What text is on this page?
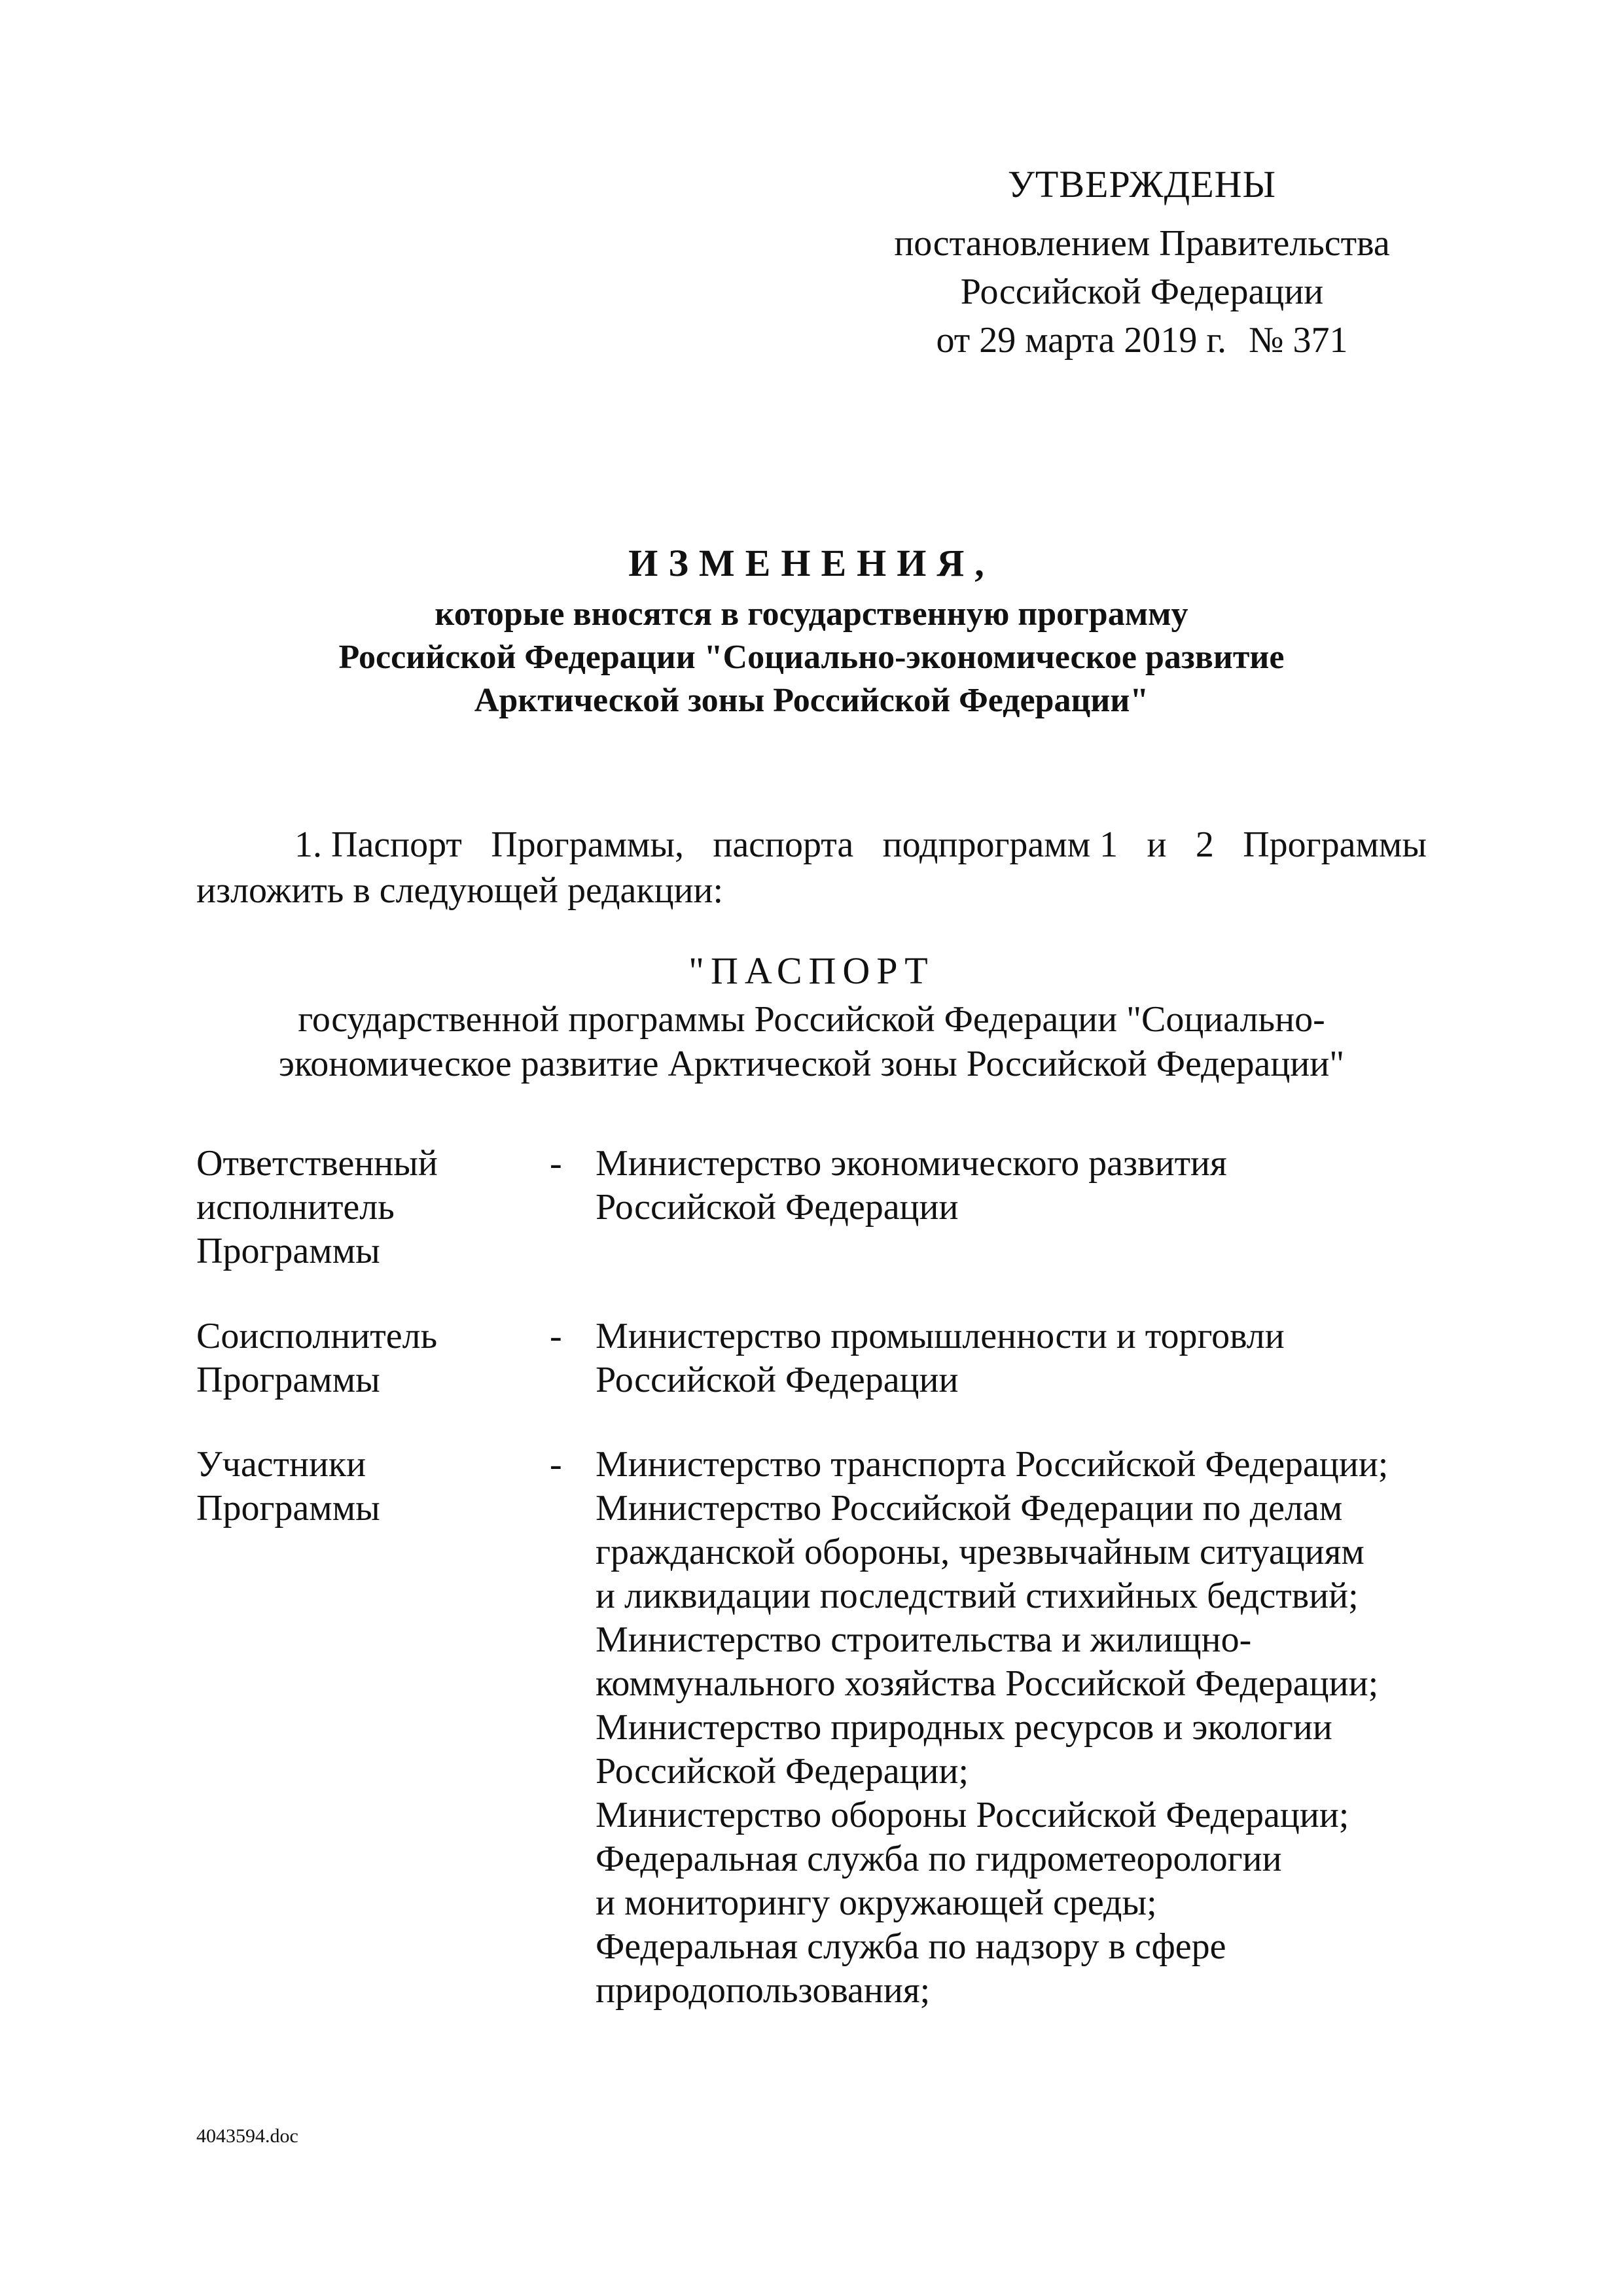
УТВЕРЖДЕНЫ
постановлением Правительства
Российской Федерации
от 29 марта 2019 г. № 371
ИЗМЕНЕНИЯ,
которые вносятся в государственную программу
Российской Федерации "Социально-экономическое развитие
Арктической зоны Российской Федерации"
1. Паспорт Программы, паспорта подпрограмм 1 и 2 Программы
изложить в следующей редакции:
"ПАСПОРТ
государственной программы Российской Федерации "Социально-
экономическое развитие Арктической зоны Российской Федерации"
Ответственный
исполнитель
Программы
- Министерство экономического развития
Российской Федерации
Соисполнитель
Программы
- Министерство промышленности и торговли
Российской Федерации
Участники
Программы
- Министерство транспорта Российской Федерации;
Министерство Российской Федерации по делам
гражданской обороны, чрезвычайным ситуациям
и ликвидации последствий стихийных бедствий;
Министерство строительства и жилищно-
коммунального хозяйства Российской Федерации;
Министерство природных ресурсов и экологии
Российской Федерации;
Министерство обороны Российской Федерации;
Федеральная служба по гидрометеорологии
и мониторингу окружающей среды;
Федеральная служба по надзору в сфере
природопользования;
4043594.doc
